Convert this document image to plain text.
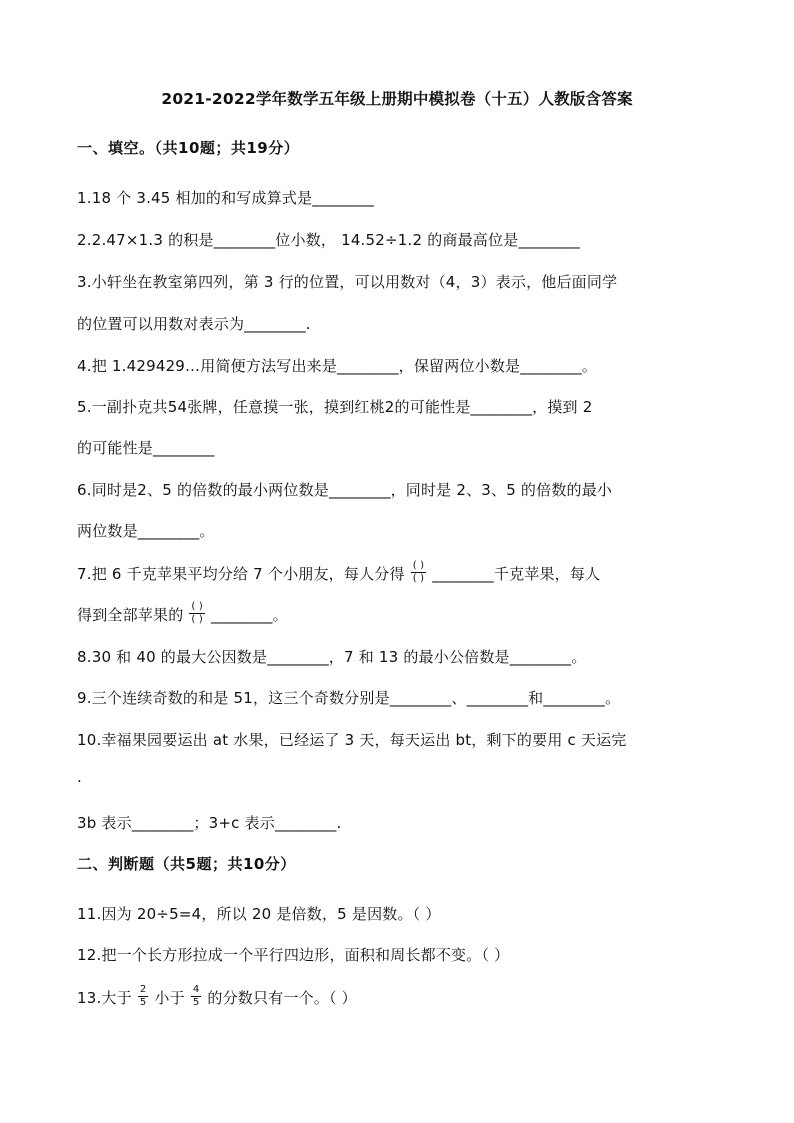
2021-2022学年数学五年级上册期中模拟卷（十五）人教版含答案
一、填空。（共10题；共19分）
1.18 个 3.45 相加的和写成算式是________
2.2.47×1.3 的积是________位小数， 14.52÷1.2 的商最高位是________
3.小轩坐在教室第四列，第 3 行的位置，可以用数对（4，3）表示，他后面同学
的位置可以用数对表示为________.
4.把 1.429429…用简便方法写出来是________，保留两位小数是________。
5.一副扑克共54张牌，任意摸一张，摸到红桃2的可能性是________，摸到 2
的可能性是________
6.同时是2、5 的倍数的最小两位数是________，同时是 2、3、5 的倍数的最小
两位数是________。
7.把 6 千克苹果平均分给 7 个小朋友，每人分得 $\frac{( )}{( )}$ ________千克苹果，每人
得到全部苹果的 $\frac{( )}{( )}$ ________。
8.30 和 40 的最大公因数是________，7 和 13 的最小公倍数是________。
9.三个连续奇数的和是 51，这三个奇数分别是________、________和________。
10.幸福果园要运出 at 水果，已经运了 3 天，每天运出 bt，剩下的要用 c 天运完
.
3b 表示________；3+c 表示________.
二、判断题（共5题；共10分）
11.因为 20÷5=4，所以 20 是倍数，5 是因数。（ ）
12.把一个长方形拉成一个平行四边形，面积和周长都不变。（ ）
13.大于 $\frac{2}{5}$ 小于 $\frac{4}{5}$ 的分数只有一个。（ ）
